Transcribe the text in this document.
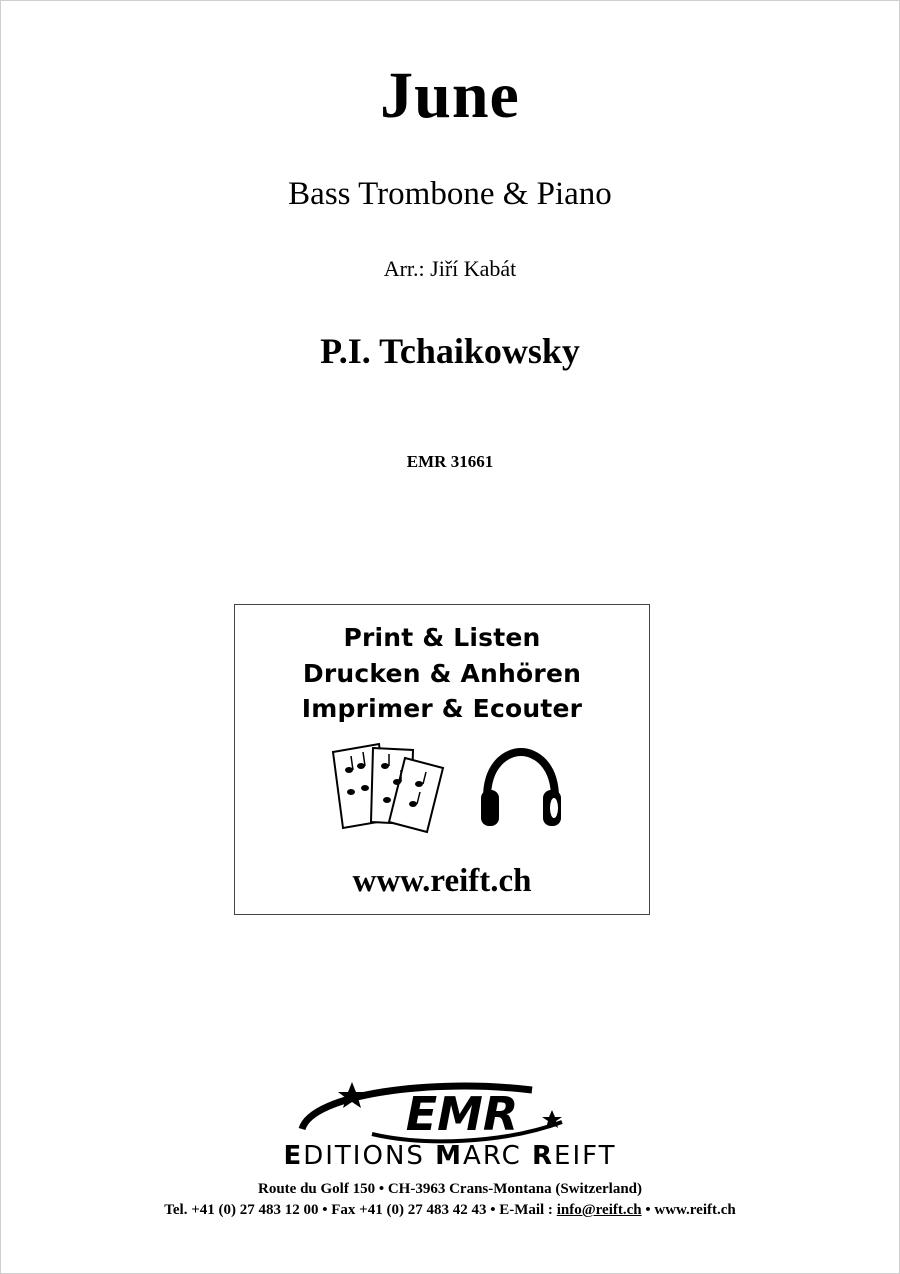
June
Bass Trombone & Piano
Arr.: Jiří Kabát
P.I. Tchaikowsky
EMR 31661
Print & Listen
Drucken & Anhören
Imprimer & Ecouter
www.reift.ch
EMR
EDITIONS MARC REIFT
Route du Golf 150 • CH-3963 Crans-Montana (Switzerland)
Tel. +41 (0) 27 483 12 00 • Fax +41 (0) 27 483 42 43 • E-Mail : info@reift.ch • www.reift.ch
